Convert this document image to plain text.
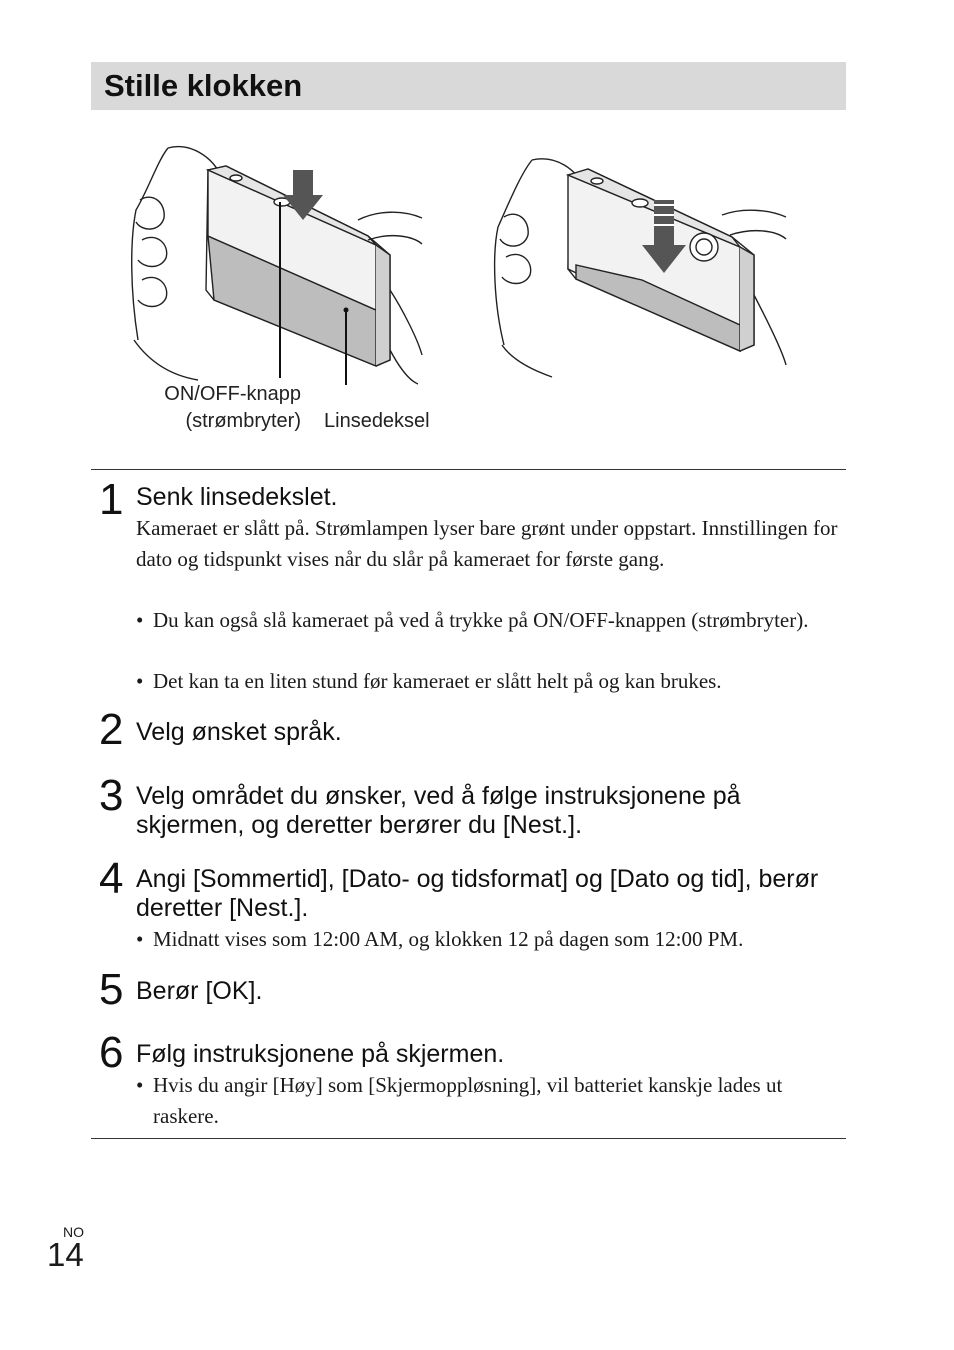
Stille klokken
ON/OFF-knapp
(strømbryter) Linsedeksel
1 Senk linsedekslet.
Kameraet er slått på. Strømlampen lyser bare grønt under oppstart. Innstillingen for dato og tidspunkt vises når du slår på kameraet for første gang.
• Du kan også slå kameraet på ved å trykke på ON/OFF-knappen (strømbryter).
• Det kan ta en liten stund før kameraet er slått helt på og kan brukes.
2 Velg ønsket språk.
3 Velg området du ønsker, ved å følge instruksjonene på skjermen, og deretter berører du [Nest.].
4 Angi [Sommertid], [Dato- og tidsformat] og [Dato og tid], berør deretter [Nest.].
• Midnatt vises som 12:00 AM, og klokken 12 på dagen som 12:00 PM.
5 Berør [OK].
6 Følg instruksjonene på skjermen.
• Hvis du angir [Høy] som [Skjermoppløsning], vil batteriet kanskje lades ut raskere.
NO
14
